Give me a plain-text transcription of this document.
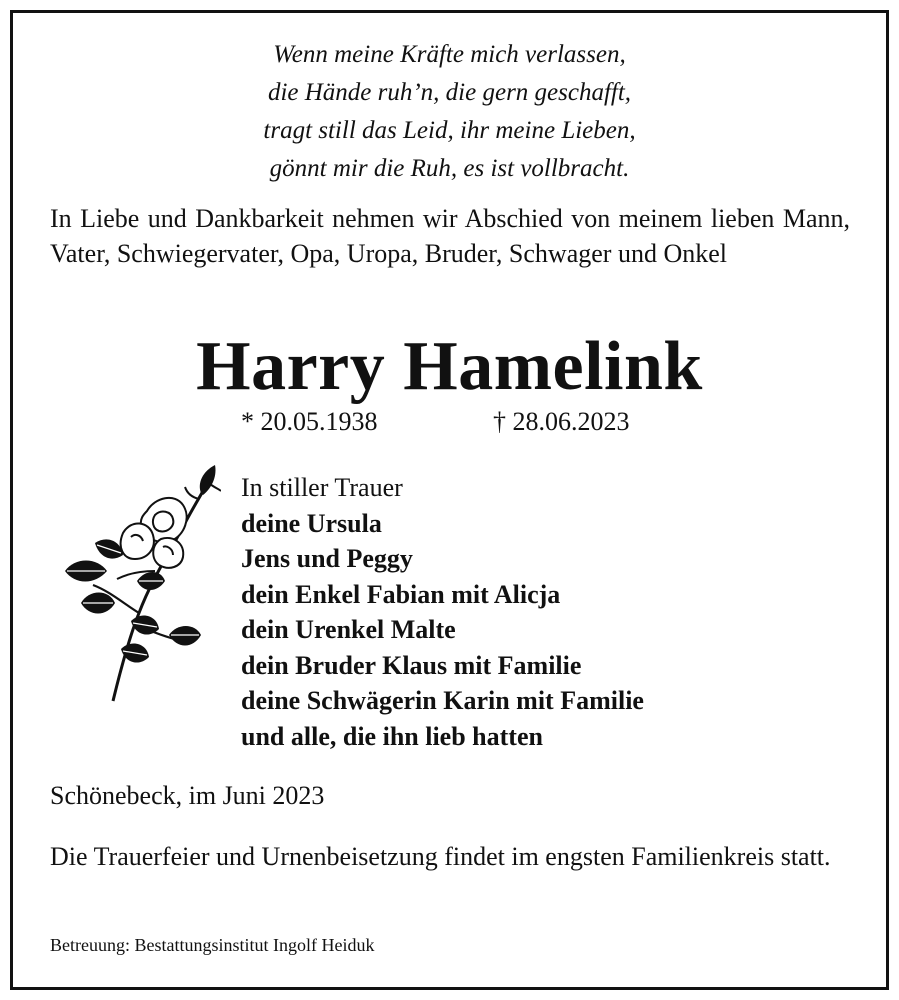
Wenn meine Kräfte mich verlassen,
die Hände ruh’n, die gern geschafft,
tragt still das Leid, ihr meine Lieben,
gönnt mir die Ruh, es ist vollbracht.
In Liebe und Dankbarkeit nehmen wir Abschied von meinem lieben Mann, Vater, Schwiegervater, Opa, Uropa, Bruder, Schwager und Onkel
Harry Hamelink
* 20.05.1938	† 28.06.2023
In stiller Trauer
deine Ursula
Jens und Peggy
dein Enkel Fabian mit Alicja
dein Urenkel Malte
dein Bruder Klaus mit Familie
deine Schwägerin Karin mit Familie
und alle, die ihn lieb hatten
Schönebeck, im Juni 2023
Die Trauerfeier und Urnenbeisetzung findet im engsten Familienkreis statt.
Betreuung: Bestattungsinstitut Ingolf Heiduk
